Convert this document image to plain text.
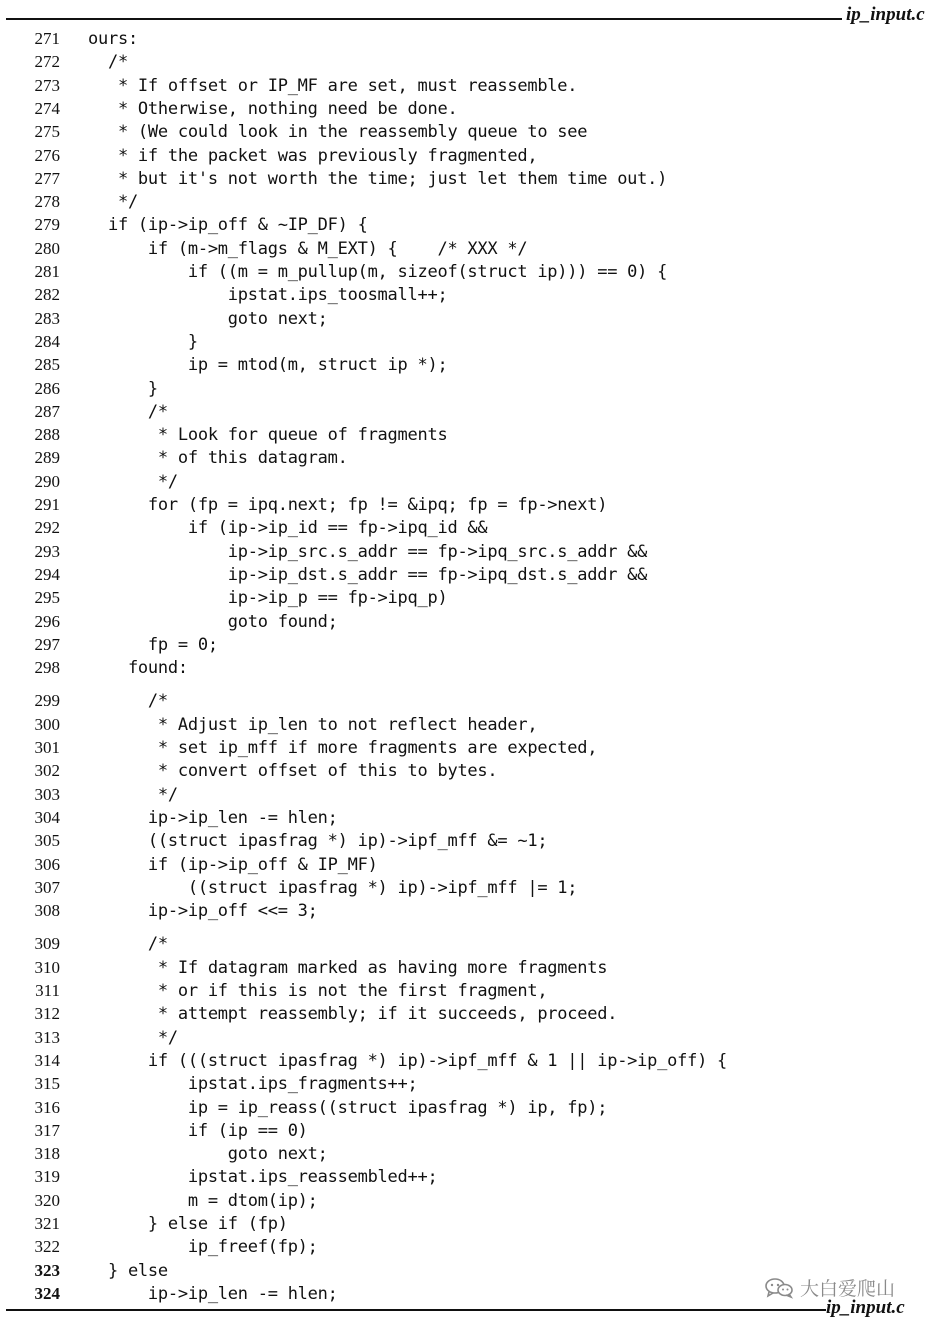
ip_input.c
271 ours:
272 /*
273 * If offset or IP_MF are set, must reassemble.
274 * Otherwise, nothing need be done.
275 * (We could look in the reassembly queue to see
276 * if the packet was previously fragmented,
277 * but it's not worth the time; just let them time out.)
278 */
279 if (ip->ip_off & ~IP_DF) {
280 if (m->m_flags & M_EXT) {    /* XXX */
281 if ((m = m_pullup(m, sizeof(struct ip))) == 0) {
282 ipstat.ips_toosmall++;
283 goto next;
284 }
285 ip = mtod(m, struct ip *);
286 }
287 /*
288 * Look for queue of fragments
289 * of this datagram.
290 */
291 for (fp = ipq.next; fp != &ipq; fp = fp->next)
292 if (ip->ip_id == fp->ipq_id &&
293 ip->ip_src.s_addr == fp->ipq_src.s_addr &&
294 ip->ip_dst.s_addr == fp->ipq_dst.s_addr &&
295 ip->ip_p == fp->ipq_p)
296 goto found;
297 fp = 0;
298 found:
299 /*
300 * Adjust ip_len to not reflect header,
301 * set ip_mff if more fragments are expected,
302 * convert offset of this to bytes.
303 */
304 ip->ip_len -= hlen;
305 ((struct ipasfrag *) ip)->ipf_mff &= ~1;
306 if (ip->ip_off & IP_MF)
307 ((struct ipasfrag *) ip)->ipf_mff |= 1;
308 ip->ip_off <<= 3;
309 /*
310 * If datagram marked as having more fragments
311 * or if this is not the first fragment,
312 * attempt reassembly; if it succeeds, proceed.
313 */
314 if (((struct ipasfrag *) ip)->ipf_mff & 1 || ip->ip_off) {
315 ipstat.ips_fragments++;
316 ip = ip_reass((struct ipasfrag *) ip, fp);
317 if (ip == 0)
318 goto next;
319 ipstat.ips_reassembled++;
320 m = dtom(ip);
321 } else if (fp)
322 ip_freef(fp);
323 } else
324 ip->ip_len -= hlen;
ip_input.c
大白爱爬山
